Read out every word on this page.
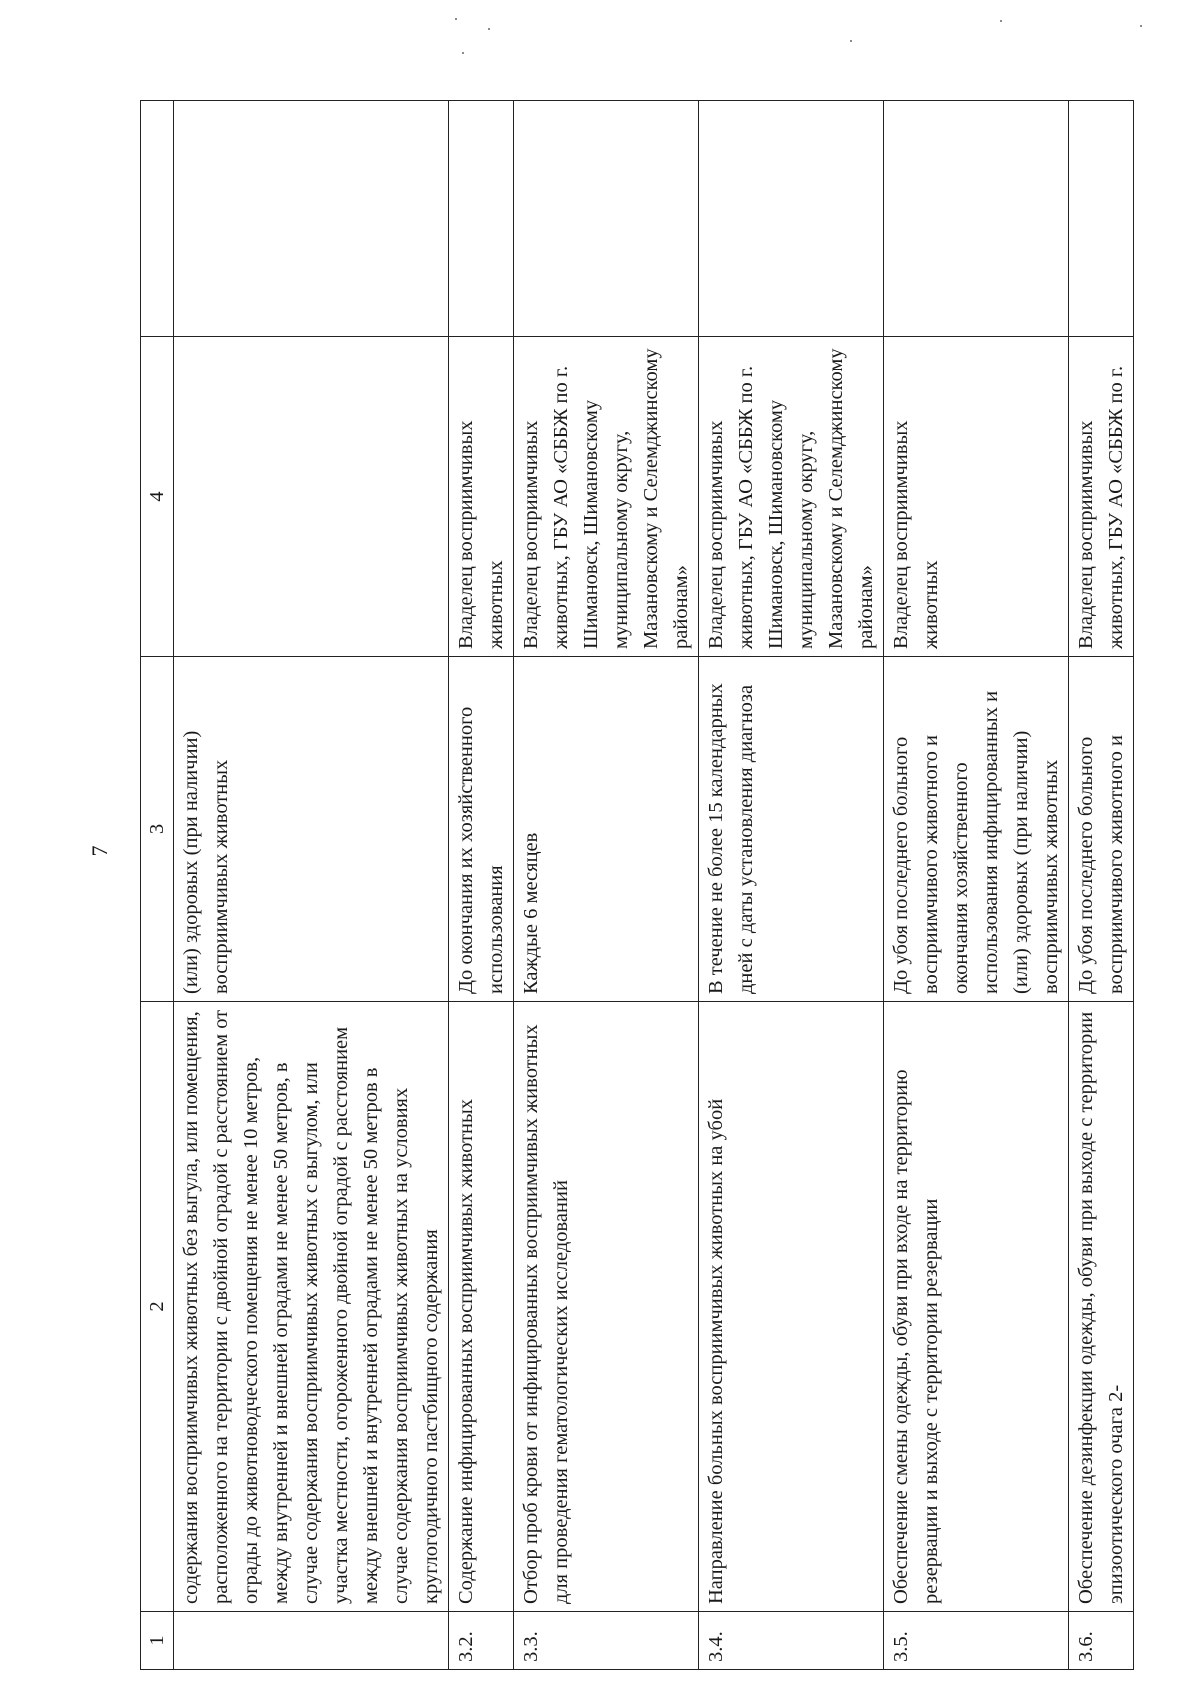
7
1	2	3	4	
	содержания восприимчивых животных без выгула, или помещения, расположенного на территории с двойной оградой с расстоянием от ограды до животноводческого помещения не менее 10 метров, между внутренней и внешней оградами не менее 50 метров, в случае содержания восприимчивых животных с выгулом, или участка местности, огороженного двойной оградой с расстоянием между внешней и внутренней оградами не менее 50 метров в случае содержания восприимчивых животных на условиях круглогодичного пастбищного содержания	(или) здоровых (при наличии) восприимчивых животных		
3.2.	Содержание инфицированных восприимчивых животных	До окончания их хозяйственного использования	Владелец восприимчивых животных	
3.3.	Отбор проб крови от инфицированных восприимчивых животных для проведения гематологических исследований	Каждые 6 месяцев	Владелец восприимчивых животных, ГБУ АО «СББЖ по г. Шимановск, Шимановскому муниципальному округу, Мазановскому и Селемджинскому районам»	
3.4.	Направление больных восприимчивых животных на убой	В течение не более 15 календарных дней с даты установления диагноза	Владелец восприимчивых животных, ГБУ АО «СББЖ по г. Шимановск, Шимановскому муниципальному округу, Мазановскому и Селемджинскому районам»	
3.5.	Обеспечение смены одежды, обуви при входе на территорию резервации и выходе с территории резервации	До убоя последнего больного восприимчивого животного и окончания хозяйственного использования инфицированных и (или) здоровых (при наличии) восприимчивых животных	Владелец восприимчивых животных	
3.6.	Обеспечение дезинфекции одежды, обуви при выходе с территории эпизоотического очага 2-	До убоя последнего больного восприимчивого животного и	Владелец восприимчивых животных, ГБУ АО «СББЖ по г.	
